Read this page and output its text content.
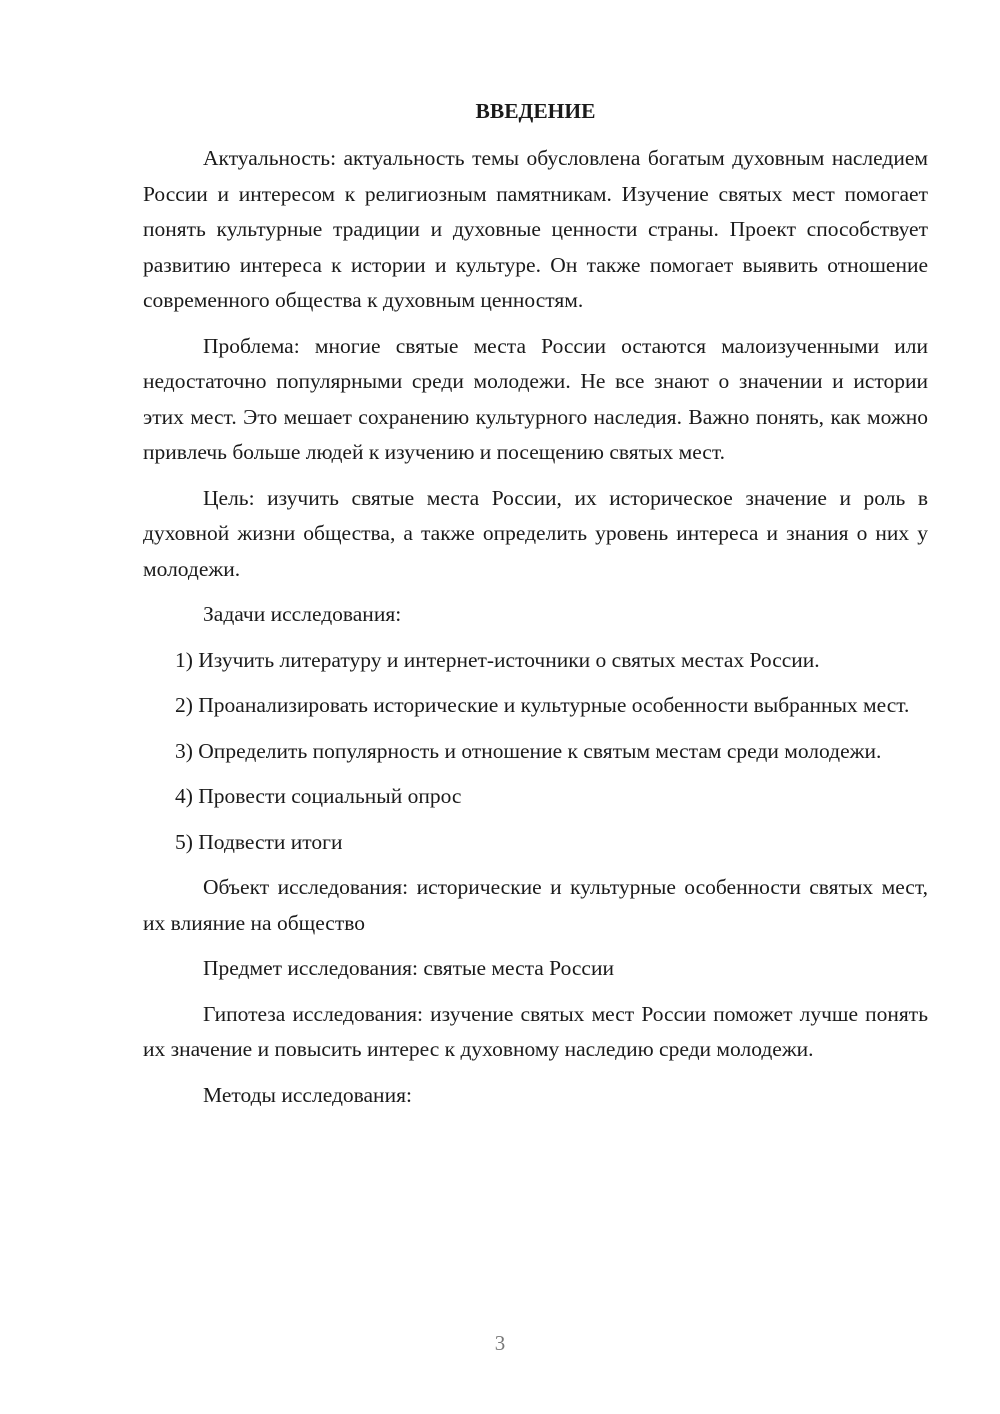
ВВЕДЕНИЕ

Актуальность: актуальность темы обусловлена богатым духовным наследием России и интересом к религиозным памятникам. Изучение святых мест помогает понять культурные традиции и духовные ценности страны. Проект способствует развитию интереса к истории и культуре. Он также помогает выявить отношение современного общества к духовным ценностям.

Проблема: многие святые места России остаются малоизученными или недостаточно популярными среди молодежи. Не все знают о значении и истории этих мест. Это мешает сохранению культурного наследия. Важно понять, как можно привлечь больше людей к изучению и посещению святых мест.

Цель: изучить святые места России, их историческое значение и роль в духовной жизни общества, а также определить уровень интереса и знания о них у молодежи.

Задачи исследования:

1) Изучить литературу и интернет-источники о святых местах России.

2) Проанализировать исторические и культурные особенности выбранных мест.

3) Определить популярность и отношение к святым местам среди молодежи.

4) Провести социальный опрос

5) Подвести итоги

Объект исследования: исторические и культурные особенности святых мест, их влияние на общество

Предмет исследования: святые места России

Гипотеза исследования: изучение святых мест России поможет лучше понять их значение и повысить интерес к духовному наследию среди молодежи.

Методы исследования:

3
